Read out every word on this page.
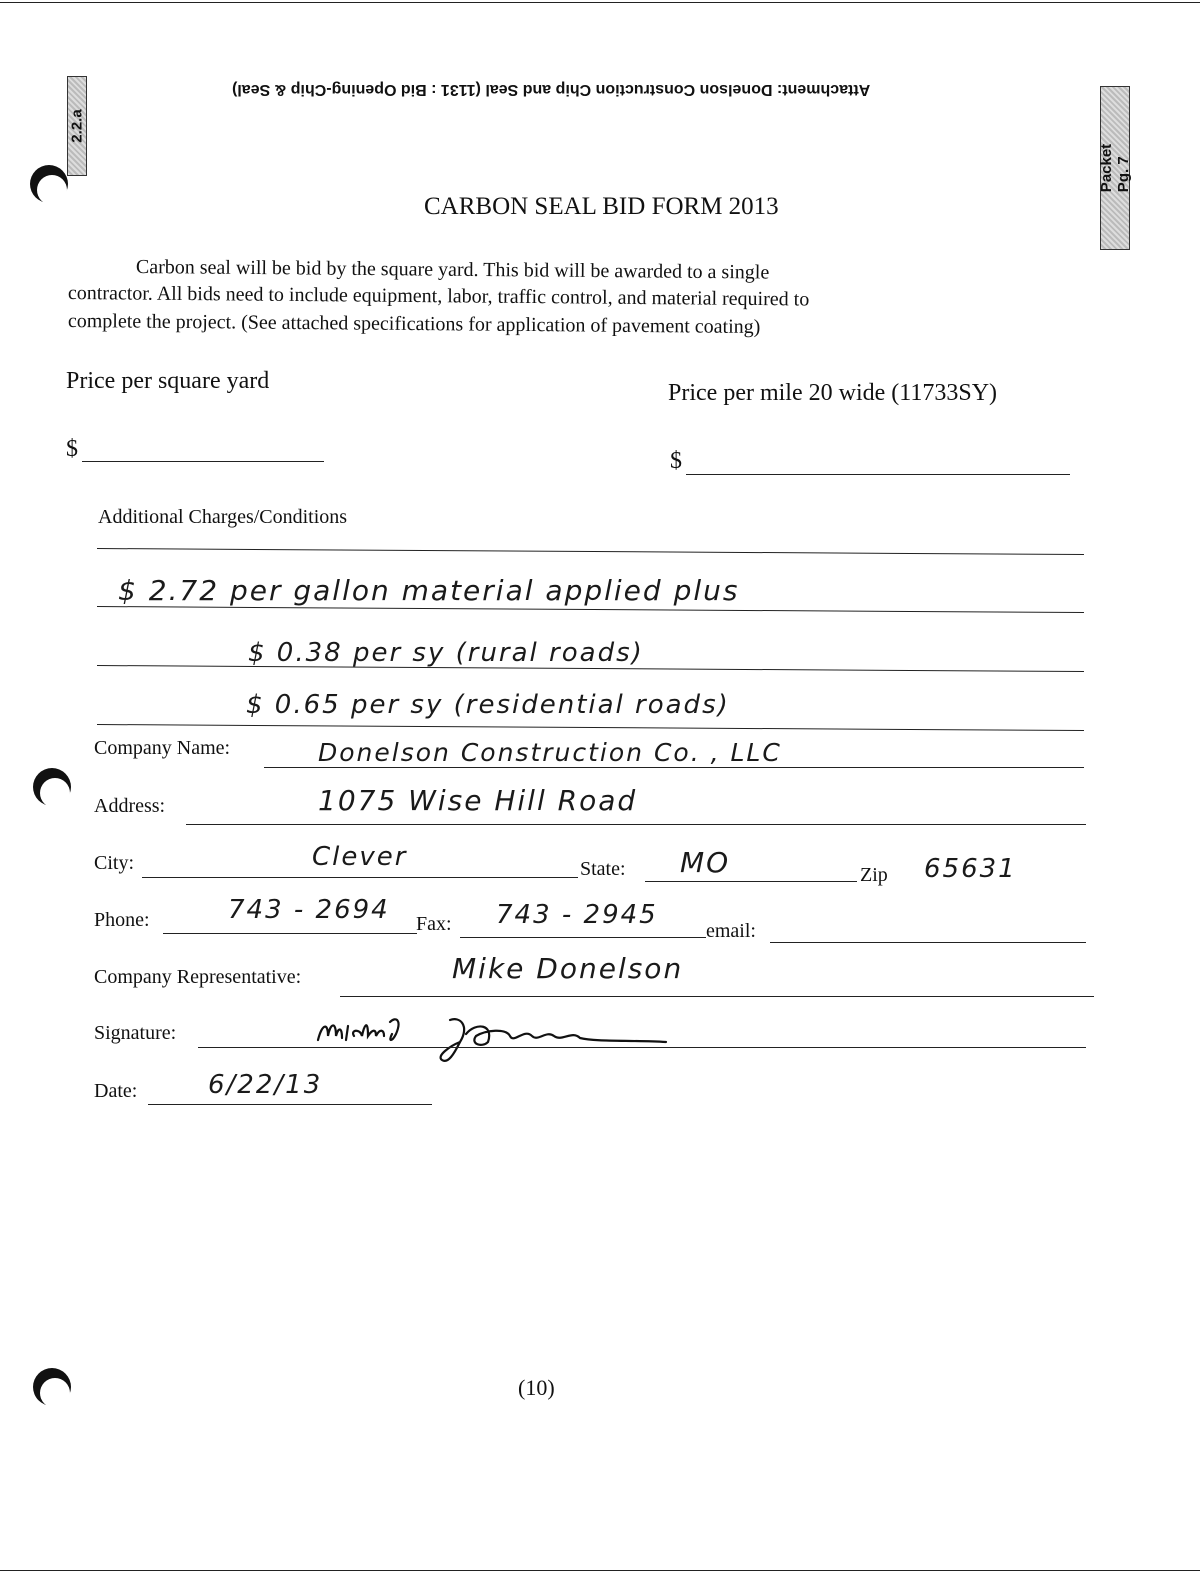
Attachment: Donelson Construction Chip and Seal (1131 : Bid Opening-Chip & Seal)
2.2.a
Packet Pg. 7
CARBON SEAL BID FORM 2013
Carbon seal will be bid by the square yard. This bid will be awarded to a single
contractor. All bids need to include equipment, labor, traffic control, and material required to
complete the project. (See attached specifications for application of pavement coating)
Price per square yard	Price per mile 20 wide (11733SY)
$	$
Additional Charges/Conditions
$ 2.72 per gallon material applied plus
$ 0.38 per sy (rural roads)
$ 0.65 per sy (residential roads)
Company Name:	Donelson Construction Co. , LLC
Address:	1075 Wise Hill Road
City:	Clever	State: MO	Zip 65631
Phone:	743 - 2694 Fax: 743 - 2945
email:
Company Representative:	Mike Donelson
Signature:
Date:	6/22/13
(10)
